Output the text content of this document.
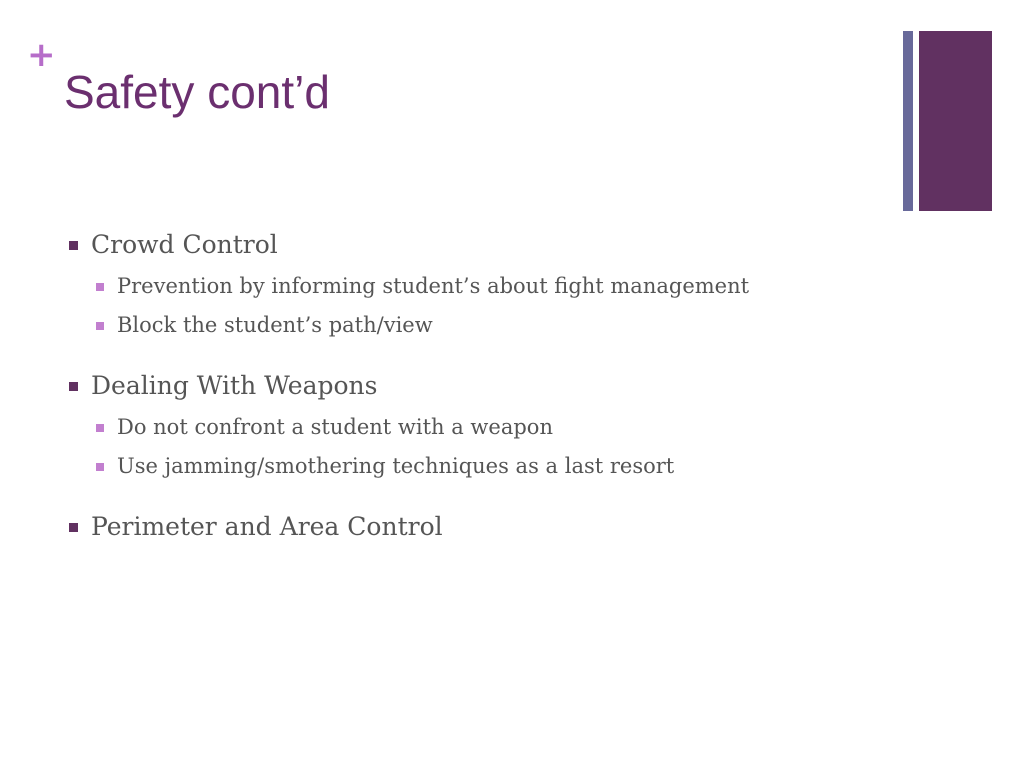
+
Safety cont’d
Crowd Control
Prevention by informing student’s about fight management
Block the student’s path/view
Dealing With Weapons
Do not confront a student with a weapon
Use jamming/smothering techniques as a last resort
Perimeter and Area Control
